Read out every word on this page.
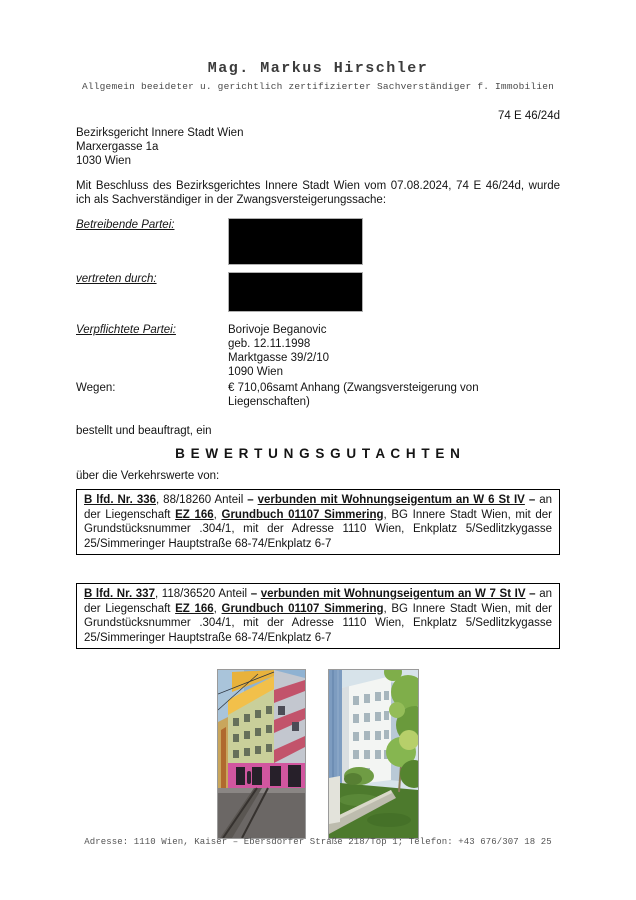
Mag. Markus Hirschler
Allgemein beeideter u. gerichtlich zertifizierter Sachverständiger f. Immobilien
74 E 46/24d
Bezirksgericht Innere Stadt Wien
Marxergasse 1a
1030 Wien

Mit Beschluss des Bezirksgerichtes Innere Stadt Wien vom 07.08.2024, 74 E 46/24d, wurde ich als Sachverständiger in der Zwangsversteigerungssache:

Betreibende Partei:
vertreten durch:
Verpflichtete Partei:	Borivoje Beganovic
geb. 12.11.1998
Marktgasse 39/2/10
1090 Wien
Wegen:	€ 710,06samt Anhang (Zwangsversteigerung von Liegenschaften)
bestellt und beauftragt, ein
B E W E R T U N G S G U T A C H T E N
über die Verkehrswerte von:
B lfd. Nr. 336, 88/18260 Anteil – verbunden mit Wohnungseigentum an W 6 St IV – an der Liegenschaft EZ 166, Grundbuch 01107 Simmering, BG Innere Stadt Wien, mit der Grundstücksnummer .304/1, mit der Adresse 1110 Wien, Enkplatz 5/Sedlitzkygasse 25/Simmeringer Hauptstraße 68-74/Enkplatz 6-7
B lfd. Nr. 337, 118/36520 Anteil – verbunden mit Wohnungseigentum an W 7 St IV – an der Liegenschaft EZ 166, Grundbuch 01107 Simmering, BG Innere Stadt Wien, mit der Grundstücksnummer .304/1, mit der Adresse 1110 Wien, Enkplatz 5/Sedlitzkygasse 25/Simmeringer Hauptstraße 68-74/Enkplatz 6-7
Adresse: 1110 Wien, Kaiser – Ebersdorfer Straße 218/Top 1; Telefon: +43 676/307 18 25
